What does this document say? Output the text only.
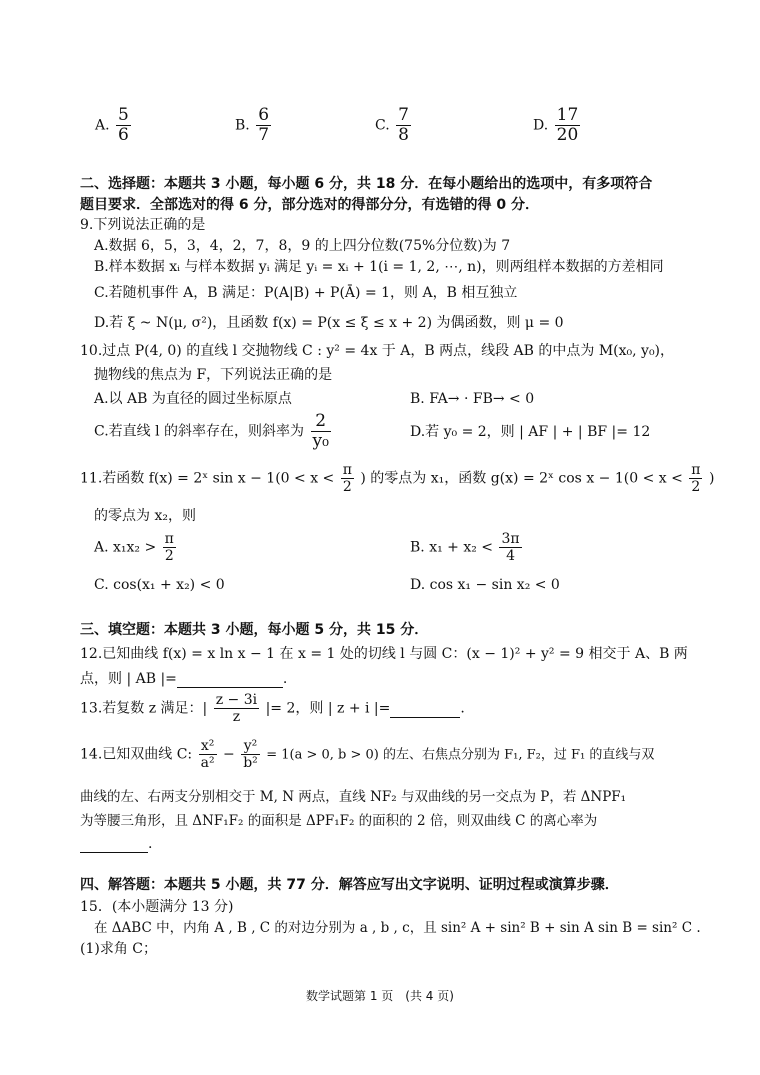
A. $\frac{5}{6}$	B. $\frac{6}{7}$	C. $\frac{7}{8}$	D. $\frac{17}{20}$
二、选择题：本题共 3 小题，每小题 6 分，共 18 分．在每小题给出的选项中，有多项符合
题目要求．全部选对的得 6 分，部分选对的得部分分，有选错的得 0 分．
9.下列说法正确的是
A.数据 6，5，3，4，2，7，8，9 的上四分位数(75%分位数)为 7
B.样本数据 xᵢ 与样本数据 yᵢ 满足 yᵢ = xᵢ + 1(i = 1, 2, ⋯, n)，则两组样本数据的方差相同
C.若随机事件 A，B 满足：P(A|B) + P(Ā) = 1，则 A，B 相互独立
D.若 ξ ~ N(μ, σ²)，且函数 f(x) = P(x ≤ ξ ≤ x + 2) 为偶函数，则 μ = 0
10.过点 P(4, 0) 的直线 l 交抛物线 C : y² = 4x 于 A，B 两点，线段 AB 的中点为 M(x₀, y₀)，
抛物线的焦点为 F，下列说法正确的是
A.以 AB 为直径的圆过坐标原点	B. FA→ · FB→ < 0
C.若直线 l 的斜率存在，则斜率为 $\frac{2}{\text{y₀}}$	D.若 y₀ = 2，则 | AF | + | BF |= 12
11.若函数 f(x) = 2ˣ $\sin x - 1(0 < x < \frac{\pi}{2}$ ) 的零点为 x₁，函数 g(x) = 2ˣ $\cos x - 1(0 < x < \frac{\pi}{2}$ )
的零点为 x₂，则
A. $x_1x_2 > \frac{\pi}{2}$	B. $x_1 + x_2 < \frac{3\pi}{4}$
C. cos(x₁ + x₂) < 0	D. cos x₁ − sin x₂ < 0
三、填空题：本题共 3 小题，每小题 5 分，共 15 分．
12.已知曲线 f(x) = x ln x − 1 在 x = 1 处的切线 l 与圆 C：(x − 1)² + y² = 9 相交于 A、B 两
点，则 | AB |=	.
13.若复数 z 满足：| $\frac{z - 3i}{z}$ |= 2，则 | z + i |=	.
14.已知双曲线 C: $\frac{\text{x²}}{\text{a²}} - \frac{\text{y²}}{\text{b²}} = 1(a > 0$, b > 0) 的左、右焦点分别为 F₁, F₂，过 F₁ 的直线与双
曲线的左、右两支分别相交于 M, N 两点，直线 NF₂ 与双曲线的另一交点为 P，若 ΔNPF₁
为等腰三角形，且 ΔNF₁F₂ 的面积是 ΔPF₁F₂ 的面积的 2 倍，则双曲线 C 的离心率为
.
四、解答题：本题共 5 小题，共 77 分．解答应写出文字说明、证明过程或演算步骤．
15．(本小题满分 13 分)
在 ΔABC 中，内角 A , B , C 的对边分别为 a , b , c，且 sin² A + sin² B + sin A sin B = sin² C .
(1)求角 C；
数学试题第 1 页　(共 4 页)
